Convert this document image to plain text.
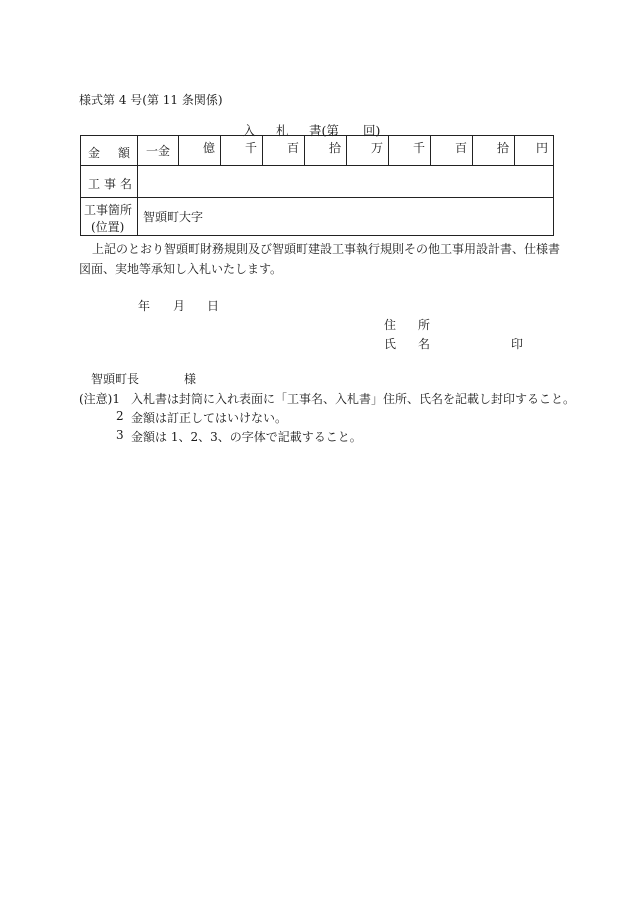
様式第 4 号(第 11 条関係)
入 札 書(第 回)
金 額	一金	億	千	百	拾	万	千	百	拾	円

工 事 名										

工事箇所
(位置)	智頭町大字									
上記のとおり智頭町財務規則及び智頭町建設工事執行規則その他工事用設計書、仕様書
図面、実地等承知し入札いたします。
年 月 日
住 所
氏 名	印
智頭町長	様
(注意)1 入札書は封筒に入れ表面に「工事名、入札書」住所、氏名を記載し封印すること。
2 金額は訂正してはいけない。
3 金額は 1、2、3、の字体で記載すること。
